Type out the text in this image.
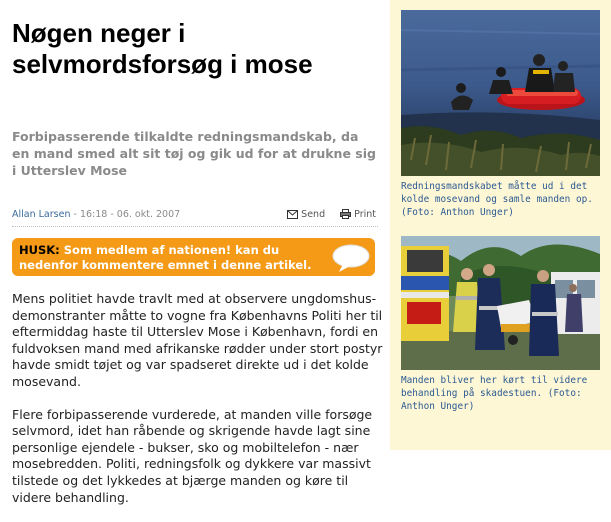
Nøgen neger i selvmordsforsøg i mose

Forbipasserende tilkaldte redningsmandskab, da en mand smed alt sit tøj og gik ud for at drukne sig i Utterslev Mose

Allan Larsen - 16:18 - 06. okt. 2007	Send	Print
HUSK: Som medlem af nationen! kan du nedenfor kommentere emnet i denne artikel.

Mens politiet havde travlt med at observere ungdomshus-demonstranter måtte to vogne fra Københavns Politi her til eftermiddag haste til Utterslev Mose i København, fordi en fuldvoksen mand med afrikanske rødder under stort postyr havde smidt tøjet og var spadseret direkte ud i det kolde mosevand.

Flere forbipasserende vurderede, at manden ville forsøge selvmord, idet han råbende og skrigende havde lagt sine personlige ejendele - bukser, sko og mobiltelefon - nær mosebredden. Politi, redningsfolk og dykkere var massivt tilstede og det lykkedes at bjærge manden og køre til videre behandling.

Redningsmandskabet måtte ud i det kolde mosevand og samle manden op. (Foto: Anthon Unger)
Manden bliver her kørt til videre behandling på skadestuen. (Foto: Anthon Unger)
